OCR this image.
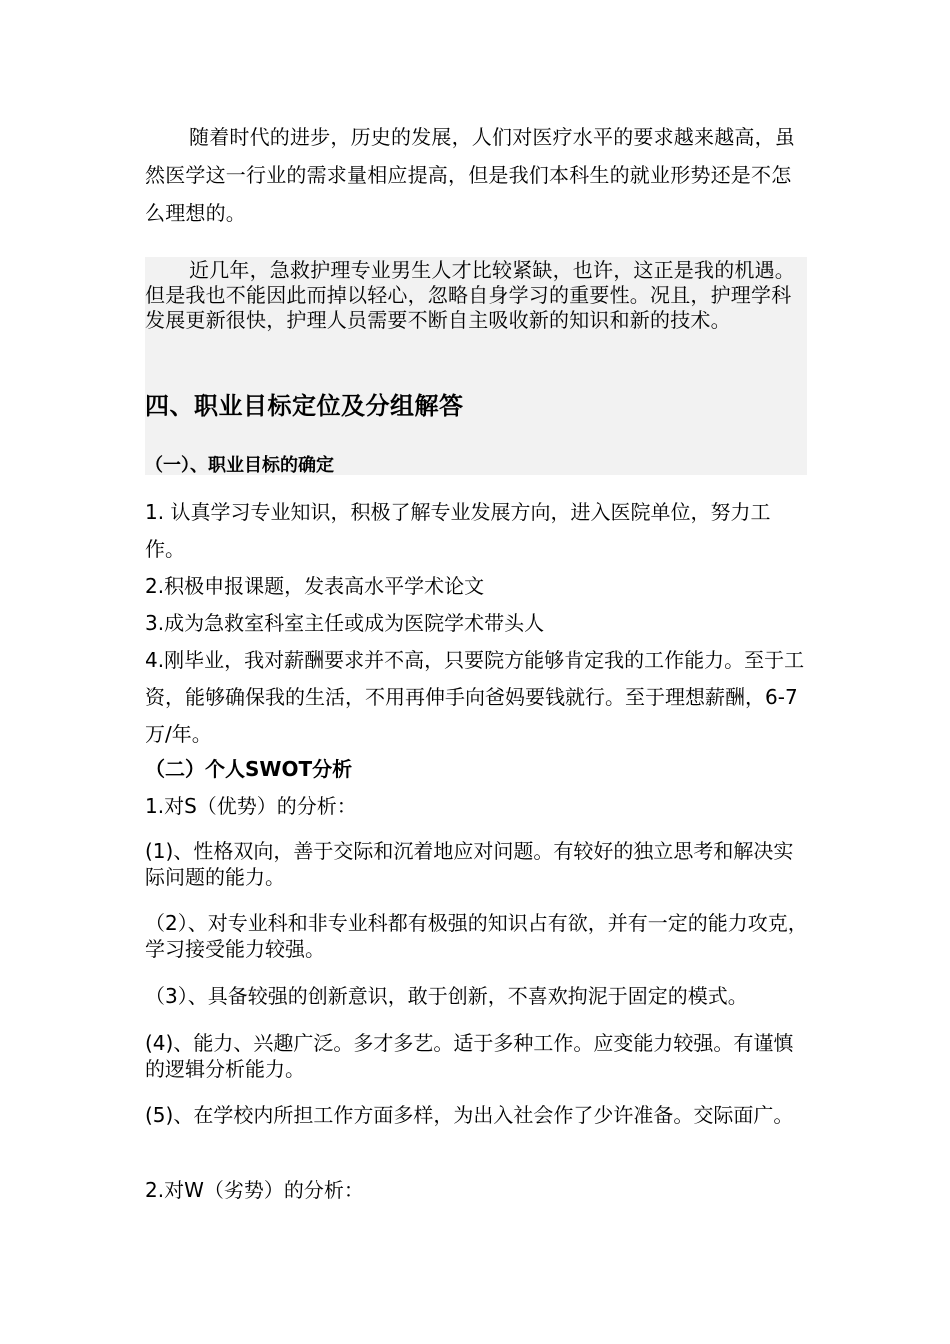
随着时代的进步，历史的发展，人们对医疗水平的要求越来越高，虽然医学这一行业的需求量相应提高，但是我们本科生的就业形势还是不怎么理想的。

近几年，急救护理专业男生人才比较紧缺，也许，这正是我的机遇。但是我也不能因此而掉以轻心，忽略自身学习的重要性。况且，护理学科发展更新很快，护理人员需要不断自主吸收新的知识和新的技术。

四、职业目标定位及分组解答
（一）、职业目标的确定

1. 认真学习专业知识，积极了解专业发展方向，进入医院单位，努力工作。

2.积极申报课题，发表高水平学术论文

3.成为急救室科室主任或成为医院学术带头人

4.刚毕业，我对薪酬要求并不高，只要院方能够肯定我的工作能力。至于工资，能够确保我的生活，不用再伸手向爸妈要钱就行。至于理想薪酬，6-7万/年。

（二）个人SWOT分析

1.对S（优势）的分析：

(1)、性格双向，善于交际和沉着地应对问题。有较好的独立思考和解决实际问题的能力。

（2）、对专业科和非专业科都有极强的知识占有欲，并有一定的能力攻克，学习接受能力较强。

（3）、具备较强的创新意识，敢于创新，不喜欢拘泥于固定的模式。

(4)、能力、兴趣广泛。多才多艺。适于多种工作。应变能力较强。有谨慎的逻辑分析能力。

(5)、在学校内所担工作方面多样，为出入社会作了少许准备。交际面广。

2.对W（劣势）的分析：
